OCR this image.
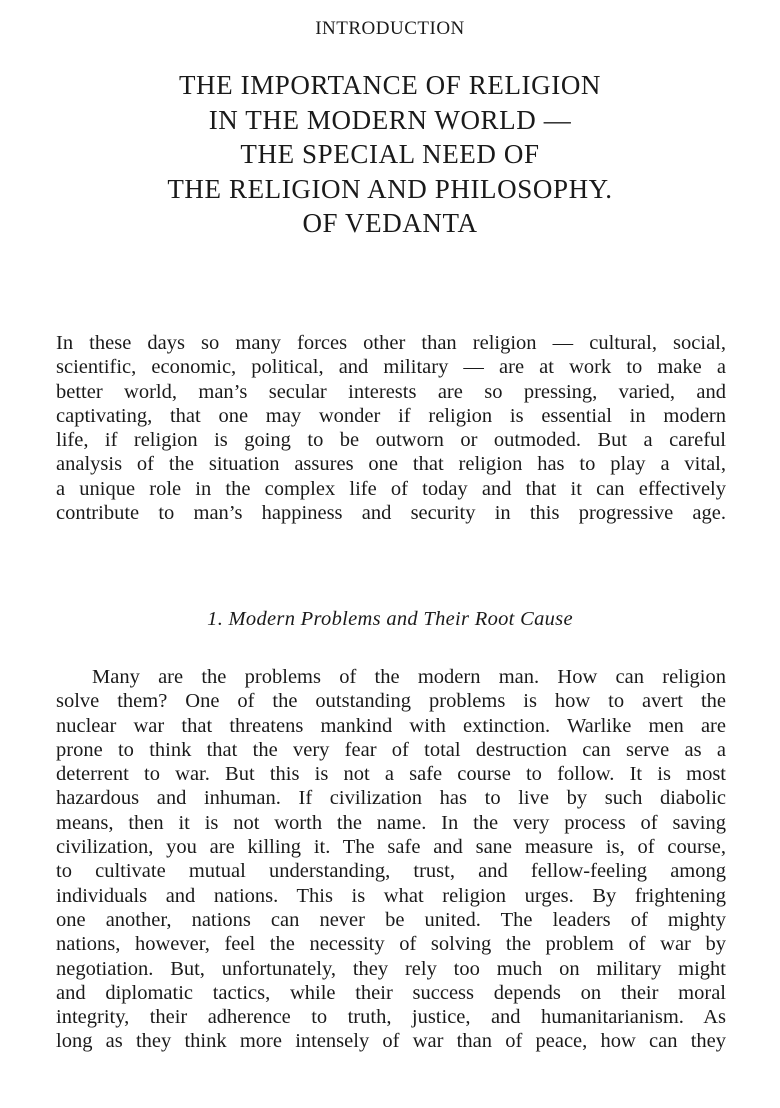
INTRODUCTION
THE IMPORTANCE OF RELIGION
IN THE MODERN WORLD —
THE SPECIAL NEED OF
THE RELIGION AND PHILOSOPHY.
OF VEDANTA
In these days so many forces other than religion — cultural, social,
scientific, economic, political, and military — are at work to make a
better world, man’s secular interests are so pressing, varied, and
captivating, that one may wonder if religion is essential in modern
life, if religion is going to be outworn or outmoded. But a careful
analysis of the situation assures one that religion has to play a vital,
a unique role in the complex life of today and that it can effectively
contribute to man’s happiness and security in this progressive age.
1. Modern Problems and Their Root Cause
Many are the problems of the modern man. How can religion
solve them? One of the outstanding problems is how to avert the
nuclear war that threatens mankind with extinction. Warlike men are
prone to think that the very fear of total destruction can serve as a
deterrent to war. But this is not a safe course to follow. It is most
hazardous and inhuman. If civilization has to live by such diabolic
means, then it is not worth the name. In the very process of saving
civilization, you are killing it. The safe and sane measure is, of course,
to cultivate mutual understanding, trust, and fellow-feeling among
individuals and nations. This is what religion urges. By frightening
one another, nations can never be united. The leaders of mighty
nations, however, feel the necessity of solving the problem of war by
negotiation. But, unfortunately, they rely too much on military might
and diplomatic tactics, while their success depends on their moral
integrity, their adherence to truth, justice, and humanitarianism. As
long as they think more intensely of war than of peace, how can they
